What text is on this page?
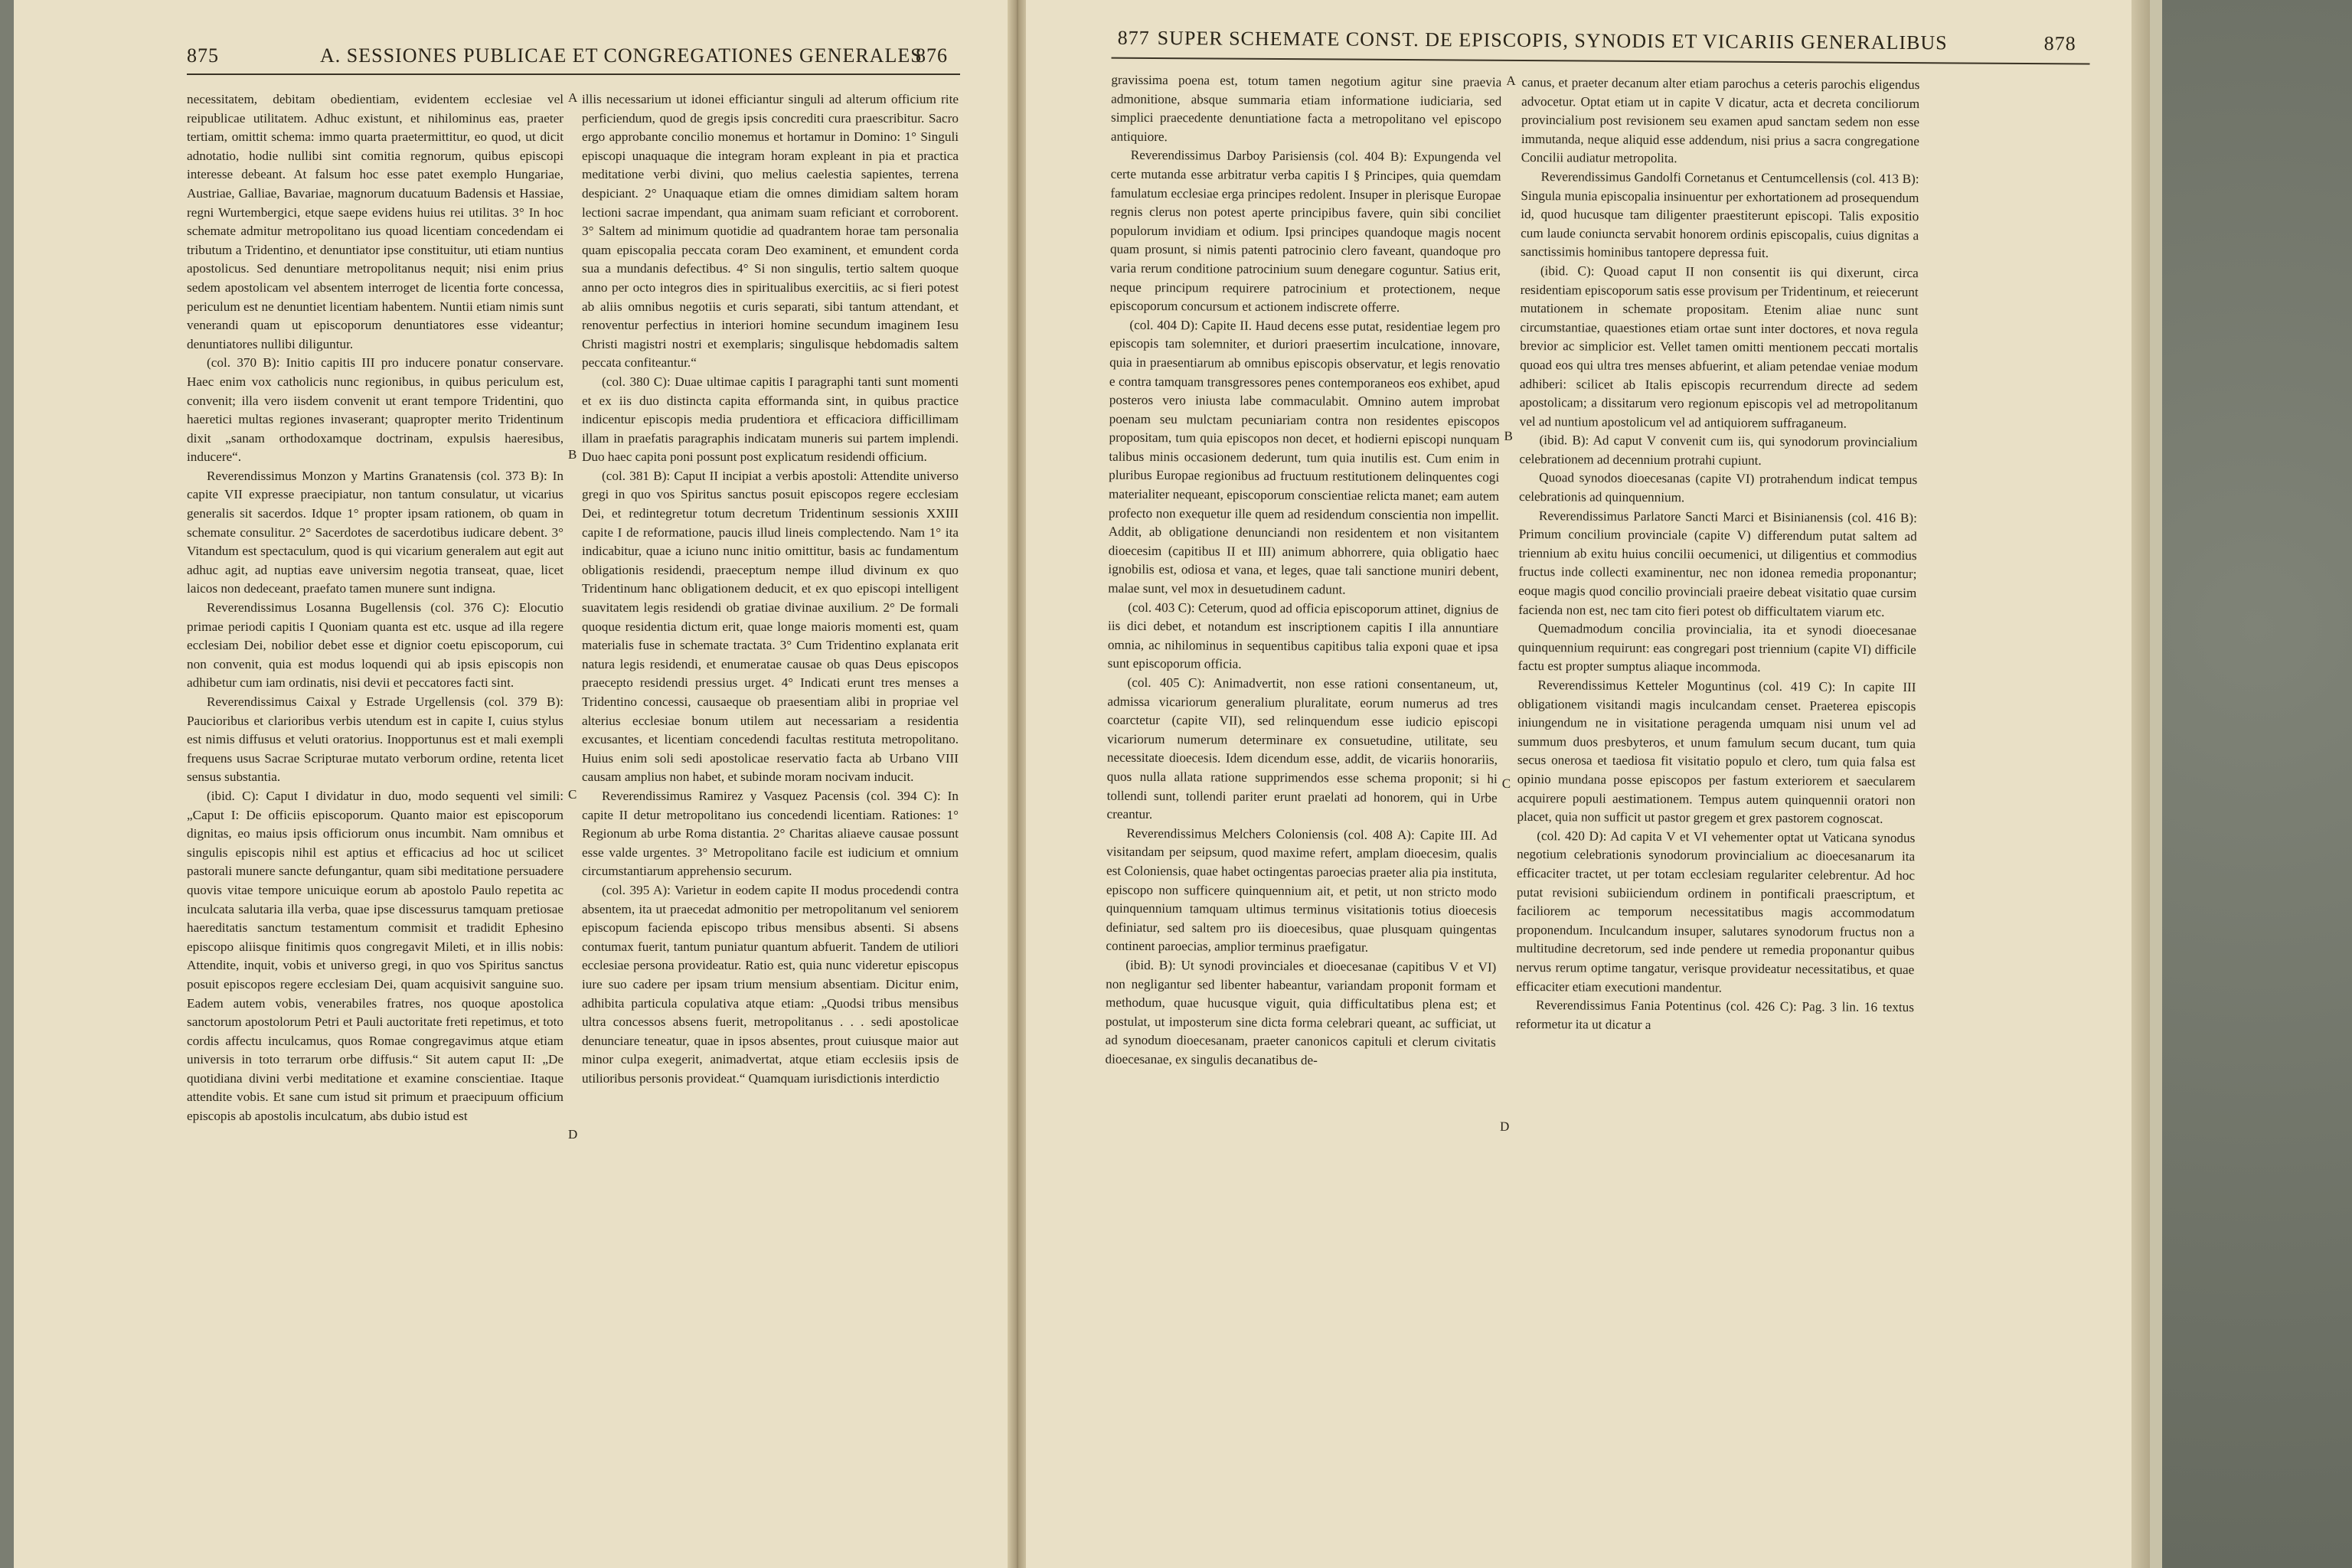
875	A. SESSIONES PUBLICAE ET CONGREGATIONES GENERALES
876

necessitatem, debitam obedientiam, evidentem ecclesiae vel reipublicae utilitatem. Adhuc existunt, et nihilominus eas, praeter tertiam, omittit schema: immo quarta praetermittitur, eo quod, ut dicit adnotatio, hodie nullibi sint comitia regnorum, quibus episcopi interesse debeant. At falsum hoc esse patet exemplo Hungariae, Austriae, Galliae, Bavariae, magnorum ducatuum Badensis et Hassiae, regni Wurtembergici, etque saepe evidens huius rei utilitas. 3° In hoc schemate admitur metropolitano ius quoad licentiam concedendam ei tributum a Tridentino, et denuntiator ipse constituitur, uti etiam nuntius apostolicus. Sed denuntiare metropolitanus nequit; nisi enim prius sedem apostolicam vel absentem interroget de licentia forte concessa, periculum est ne denuntiet licentiam habentem. Nuntii etiam nimis sunt venerandi quam ut episcoporum denuntiatores esse videantur; denuntiatores nullibi diliguntur.

(col. 370 B): Initio capitis III pro inducere ponatur conservare. Haec enim vox catholicis nunc regionibus, in quibus periculum est, convenit; illa vero iisdem convenit ut erant tempore Tridentini, quo haeretici multas regiones invaserant; quapropter merito Tridentinum dixit „sanam orthodoxamque doctrinam, expulsis haeresibus, inducere“.

Reverendissimus Monzon y Martins Granatensis (col. 373 B): In capite VII expresse praecipiatur, non tantum consulatur, ut vicarius generalis sit sacerdos. Idque 1° propter ipsam rationem, ob quam in schemate consulitur. 2° Sacerdotes de sacerdotibus iudicare debent. 3° Vitandum est spectaculum, quod is qui vicarium generalem aut egit aut adhuc agit, ad nuptias eave universim negotia transeat, quae, licet laicos non dedeceant, praefato tamen munere sunt indigna.

Reverendissimus Losanna Bugellensis (col. 376 C): Elocutio primae periodi capitis I Quoniam quanta est etc. usque ad illa regere ecclesiam Dei, nobilior debet esse et dignior coetu episcoporum, cui non convenit, quia est modus loquendi qui ab ipsis episcopis non adhibetur cum iam ordinatis, nisi devii et peccatores facti sint.

Reverendissimus Caixal y Estrade Urgellensis (col. 379 B): Paucioribus et clarioribus verbis utendum est in capite I, cuius stylus est nimis diffusus et veluti oratorius. Inopportunus est et mali exempli frequens usus Sacrae Scripturae mutato verborum ordine, retenta licet sensus substantia.

(ibid. C): Caput I dividatur in duo, modo sequenti vel simili: „Caput I: De officiis episcoporum. Quanto maior est episcoporum dignitas, eo maius ipsis officiorum onus incumbit. Nam omnibus et singulis episcopis nihil est aptius et efficacius ad hoc ut scilicet pastorali munere sancte defungantur, quam sibi meditatione persuadere quovis vitae tempore unicuique eorum ab apostolo Paulo repetita ac inculcata salutaria illa verba, quae ipse discessurus tamquam pretiosae haereditatis sanctum testamentum commisit et tradidit Ephesino episcopo aliisque finitimis quos congregavit Mileti, et in illis nobis: Attendite, inquit, vobis et universo gregi, in quo vos Spiritus sanctus posuit episcopos regere ecclesiam Dei, quam acquisivit sanguine suo. Eadem autem vobis, venerabiles fratres, nos quoque apostolica sanctorum apostolorum Petri et Pauli auctoritate freti repetimus, et toto cordis affectu inculcamus, quos Romae congregavimus atque etiam universis in toto terrarum orbe diffusis.“ Sit autem caput II: „De quotidiana divini verbi meditatione et examine conscientiae. Itaque attendite vobis. Et sane cum istud sit primum et praecipuum officium episcopis ab apostolis inculcatum, abs dubio istud est

A
B
C
D

illis necessarium ut idonei efficiantur singuli ad alterum officium rite perficiendum, quod de gregis ipsis concrediti cura praescribitur. Sacro ergo approbante concilio monemus et hortamur in Domino: 1° Singuli episcopi unaquaque die integram horam expleant in pia et practica meditatione verbi divini, quo melius caelestia sapientes, terrena despiciant. 2° Unaquaque etiam die omnes dimidiam saltem horam lectioni sacrae impendant, qua animam suam reficiant et corroborent. 3° Saltem ad minimum quotidie ad quadrantem horae tam personalia quam episcopalia peccata coram Deo examinent, et emundent corda sua a mundanis defectibus. 4° Si non singulis, tertio saltem quoque anno per octo integros dies in spiritualibus exercitiis, ac si fieri potest ab aliis omnibus negotiis et curis separati, sibi tantum attendant, et renoventur perfectius in interiori homine secundum imaginem Iesu Christi magistri nostri et exemplaris; singulisque hebdomadis saltem peccata confiteantur.“

(col. 380 C): Duae ultimae capitis I paragraphi tanti sunt momenti et ex iis duo distincta capita efformanda sint, in quibus practice indicentur episcopis media prudentiora et efficaciora difficillimam illam in praefatis paragraphis indicatam muneris sui partem implendi. Duo haec capita poni possunt post explicatum residendi officium.

(col. 381 B): Caput II incipiat a verbis apostoli: Attendite universo gregi in quo vos Spiritus sanctus posuit episcopos regere ecclesiam Dei, et redintegretur totum decretum Tridentinum sessionis XXIII capite I de reformatione, paucis illud lineis complectendo. Nam 1° ita indicabitur, quae a iciuno nunc initio omittitur, basis ac fundamentum obligationis residendi, praeceptum nempe illud divinum ex quo Tridentinum hanc obligationem deducit, et ex quo episcopi intelligent suavitatem legis residendi ob gratiae divinae auxilium. 2° De formali quoque residentia dictum erit, quae longe maioris momenti est, quam materialis fuse in schemate tractata. 3° Cum Tridentino explanata erit natura legis residendi, et enumeratae causae ob quas Deus episcopos praecepto residendi pressius urget. 4° Indicati erunt tres menses a Tridentino concessi, causaeque ob praesentiam alibi in propriae vel alterius ecclesiae bonum utilem aut necessariam a residentia excusantes, et licentiam concedendi facultas restituta metropolitano. Huius enim soli sedi apostolicae reservatio facta ab Urbano VIII causam amplius non habet, et subinde moram nocivam inducit.

Reverendissimus Ramirez y Vasquez Pacensis (col. 394 C): In capite II detur metropolitano ius concedendi licentiam. Rationes: 1° Regionum ab urbe Roma distantia. 2° Charitas aliaeve causae possunt esse valde urgentes. 3° Metropolitano facile est iudicium et omnium circumstantiarum apprehensio securum.

(col. 395 A): Varietur in eodem capite II modus procedendi contra absentem, ita ut praecedat admonitio per metropolitanum vel seniorem episcopum facienda episcopo tribus mensibus absenti. Si absens contumax fuerit, tantum puniatur quantum abfuerit. Tandem de utiliori ecclesiae persona provideatur. Ratio est, quia nunc videretur episcopus iure suo cadere per ipsam trium mensium absentiam. Dicitur enim, adhibita particula copulativa atque etiam: „Quodsi tribus mensibus ultra concessos absens fuerit, metropolitanus . . . sedi apostolicae denunciare teneatur, quae in ipsos absentes, prout cuiusque maior aut minor culpa exegerit, animadvertat, atque etiam ecclesiis ipsis de utilioribus personis provideat.“ Quamquam iurisdictionis interdictio

877 SUPER SCHEMATE CONST. DE EPISCOPIS, SYNODIS ET VICARIIS GENERALIBUS	878

gravissima poena est, totum tamen negotium agitur sine praevia admonitione, absque summaria etiam informatione iudiciaria, sed simplici praecedente denuntiatione facta a metropolitano vel episcopo antiquiore.

Reverendissimus Darboy Parisiensis (col. 404 B): Expungenda vel certe mutanda esse arbitratur verba capitis I § Principes, quia quemdam famulatum ecclesiae erga principes redolent. Insuper in plerisque Europae regnis clerus non potest aperte principibus favere, quin sibi conciliet populorum invidiam et odium. Ipsi principes quandoque magis nocent quam prosunt, si nimis patenti patrocinio clero faveant, quandoque pro varia rerum conditione patrocinium suum denegare coguntur. Satius erit, neque principum requirere patrocinium et protectionem, neque episcoporum concursum et actionem indiscrete offerre.

(col. 404 D): Capite II. Haud decens esse putat, residentiae legem pro episcopis tam solemniter, et duriori praesertim inculcatione, innovare, quia in praesentiarum ab omnibus episcopis observatur, et legis renovatio e contra tamquam transgressores penes contemporaneos eos exhibet, apud posteros vero iniusta labe commaculabit. Omnino autem improbat poenam seu mulctam pecuniariam contra non residentes episcopos propositam, tum quia episcopos non decet, et hodierni episcopi nunquam talibus minis occasionem dederunt, tum quia inutilis est. Cum enim in pluribus Europae regionibus ad fructuum restitutionem delinquentes cogi materialiter nequeant, episcoporum conscientiae relicta manet; eam autem profecto non exequetur ille quem ad residendum conscientia non impellit. Addit, ab obligatione denunciandi non residentem et non visitantem dioecesim (capitibus II et III) animum abhorrere, quia obligatio haec ignobilis est, odiosa et vana, et leges, quae tali sanctione muniri debent, malae sunt, vel mox in desuetudinem cadunt.

(col. 403 C): Ceterum, quod ad officia episcoporum attinet, dignius de iis dici debet, et notandum est inscriptionem capitis I illa annuntiare omnia, ac nihilominus in sequentibus capitibus talia exponi quae et ipsa sunt episcoporum officia.

(col. 405 C): Animadvertit, non esse rationi consentaneum, ut, admissa vicariorum generalium pluralitate, eorum numerus ad tres coarctetur (capite VII), sed relinquendum esse iudicio episcopi vicariorum numerum determinare ex consuetudine, utilitate, seu necessitate dioecesis. Idem dicendum esse, addit, de vicariis honorariis, quos nulla allata ratione supprimendos esse schema proponit; si hi tollendi sunt, tollendi pariter erunt praelati ad honorem, qui in Urbe creantur.

Reverendissimus Melchers Coloniensis (col. 408 A): Capite III. Ad visitandam per seipsum, quod maxime refert, amplam dioecesim, qualis est Coloniensis, quae habet octingentas paroecias praeter alia pia instituta, episcopo non sufficere quinquennium ait, et petit, ut non stricto modo quinquennium tamquam ultimus terminus visitationis totius dioecesis definiatur, sed saltem pro iis dioecesibus, quae plusquam quingentas continent paroecias, amplior terminus praefigatur.

(ibid. B): Ut synodi provinciales et dioecesanae (capitibus V et VI) non negligantur sed libenter habeantur, variandam proponit formam et methodum, quae hucusque viguit, quia difficultatibus plena est; et postulat, ut imposterum sine dicta forma celebrari queant, ac sufficiat, ut ad synodum dioecesanam, praeter canonicos capituli et clerum civitatis dioecesanae, ex singulis decanatibus de-

A
B
C
D

canus, et praeter decanum alter etiam parochus a ceteris parochis eligendus advocetur. Optat etiam ut in capite V dicatur, acta et decreta conciliorum provincialium post revisionem seu examen apud sanctam sedem non esse immutanda, neque aliquid esse addendum, nisi prius a sacra congregatione Concilii audiatur metropolita.

Reverendissimus Gandolfi Cornetanus et Centumcellensis (col. 413 B): Singula munia episcopalia insinuentur per exhortationem ad prosequendum id, quod hucusque tam diligenter praestiterunt episcopi. Talis expositio cum laude coniuncta servabit honorem ordinis episcopalis, cuius dignitas a sanctissimis hominibus tantopere depressa fuit.

(ibid. C): Quoad caput II non consentit iis qui dixerunt, circa residentiam episcoporum satis esse provisum per Tridentinum, et reiecerunt mutationem in schemate propositam. Etenim aliae nunc sunt circumstantiae, quaestiones etiam ortae sunt inter doctores, et nova regula brevior ac simplicior est. Vellet tamen omitti mentionem peccati mortalis quoad eos qui ultra tres menses abfuerint, et aliam petendae veniae modum adhiberi: scilicet ab Italis episcopis recurrendum directe ad sedem apostolicam; a dissitarum vero regionum episcopis vel ad metropolitanum vel ad nuntium apostolicum vel ad antiquiorem suffraganeum.

(ibid. B): Ad caput V convenit cum iis, qui synodorum provincialium celebrationem ad decennium protrahi cupiunt.

Quoad synodos dioecesanas (capite VI) protrahendum indicat tempus celebrationis ad quinquennium.

Reverendissimus Parlatore Sancti Marci et Bisinianensis (col. 416 B): Primum concilium provinciale (capite V) differendum putat saltem ad triennium ab exitu huius concilii oecumenici, ut diligentius et commodius fructus inde collecti examinentur, nec non idonea remedia proponantur; eoque magis quod concilio provinciali praeire debeat visitatio quae cursim facienda non est, nec tam cito fieri potest ob difficultatem viarum etc.

Quemadmodum concilia provincialia, ita et synodi dioecesanae quinquennium requirunt: eas congregari post triennium (capite VI) difficile factu est propter sumptus aliaque incommoda.

Reverendissimus Ketteler Moguntinus (col. 419 C): In capite III obligationem visitandi magis inculcandam censet. Praeterea episcopis iniungendum ne in visitatione peragenda umquam nisi unum vel ad summum duos presbyteros, et unum famulum secum ducant, tum quia secus onerosa et taediosa fit visitatio populo et clero, tum quia falsa est opinio mundana posse episcopos per fastum exteriorem et saecularem acquirere populi aestimationem. Tempus autem quinquennii oratori non placet, quia non sufficit ut pastor gregem et grex pastorem cognoscat.

(col. 420 D): Ad capita V et VI vehementer optat ut Vaticana synodus negotium celebrationis synodorum provincialium ac dioecesanarum ita efficaciter tractet, ut per totam ecclesiam regulariter celebrentur. Ad hoc putat revisioni subiiciendum ordinem in pontificali praescriptum, et faciliorem ac temporum necessitatibus magis accommodatum proponendum. Inculcandum insuper, salutares synodorum fructus non a multitudine decretorum, sed inde pendere ut remedia proponantur quibus nervus rerum optime tangatur, verisque provideatur necessitatibus, et quae efficaciter etiam executioni mandentur.

Reverendissimus Fania Potentinus (col. 426 C): Pag. 3 lin. 16 textus reformetur ita ut dicatur a
